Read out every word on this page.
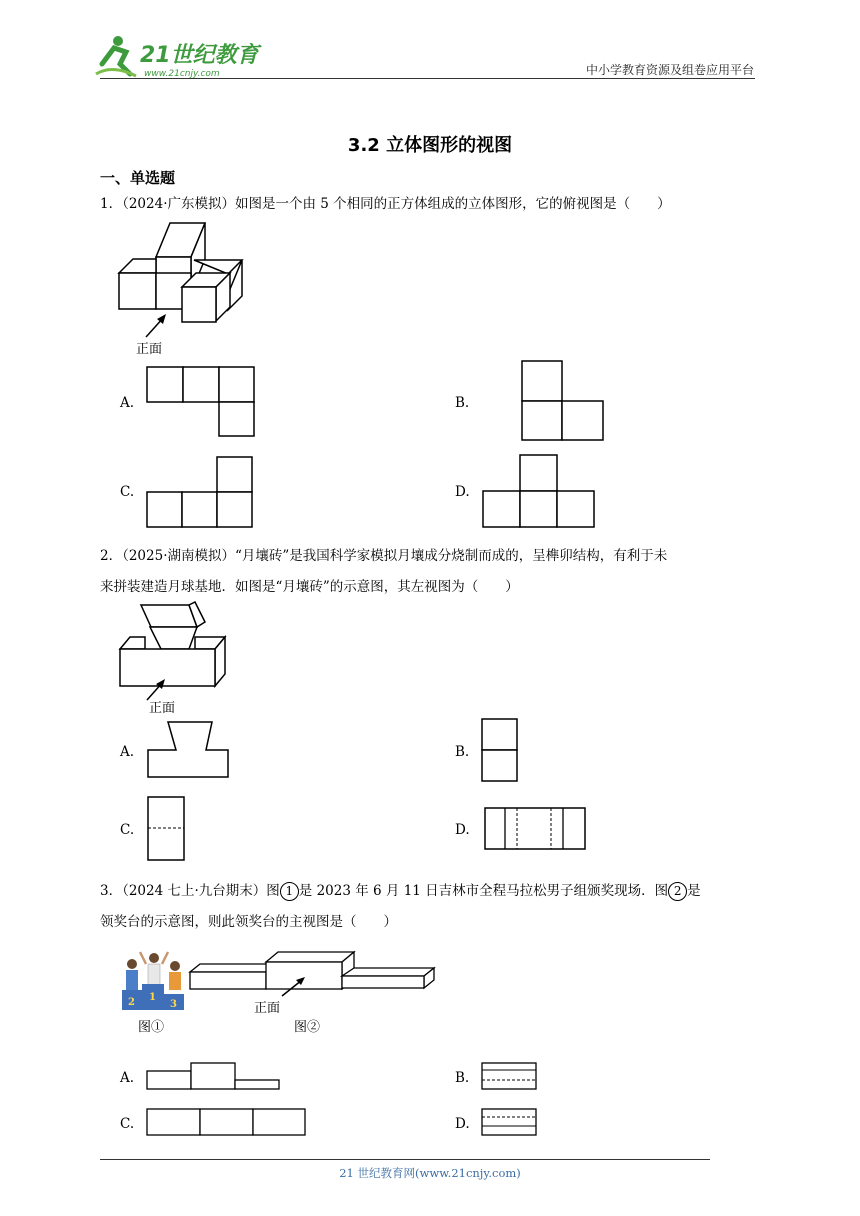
21世纪教育
www.21cnjy.com	中小学教育资源及组卷应用平台
3.2 立体图形的视图
一、单选题
1．（2024·广东模拟）如图是一个由 5 个相同的正方体组成的立体图形，它的俯视图是（　　）
正面
A.	B.
C.	D.
2．（2025·湖南模拟）“月壤砖”是我国科学家模拟月壤成分烧制而成的，呈榫卯结构，有利于未
来拼装建造月球基地．如图是“月壤砖”的示意图，其左视图为（　　）
正面
A.	B.
C.	D.
3．（2024 七上·九台期末）图 1 是 2023 年 6 月 11 日吉林市全程马拉松男子组颁奖现场．图 2 是
领奖台的示意图，则此领奖台的主视图是（　　）
2 1
3
图①
正面
图②
A.	B.
C.	D.
21 世纪教育网(www.21cnjy.com)
